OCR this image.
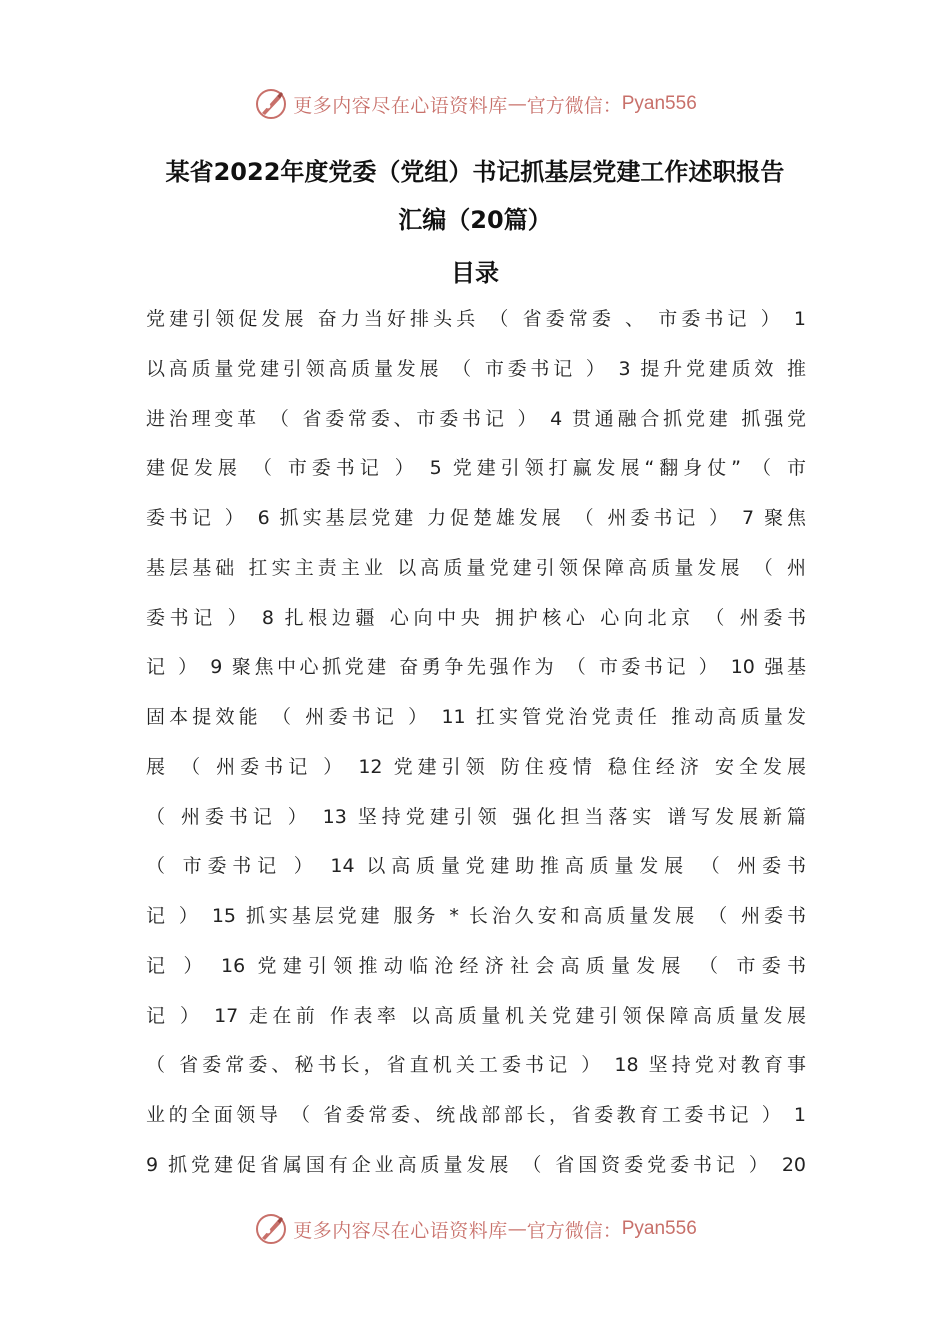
更多内容尽在心语资料库 — 官方微信： Pyan556
某省2022年度党委（党组）书记抓基层党建工作述职报告
汇编（20篇）
目录
党建引领促发展 奋力当好排头兵 （ 省委常委 、 市委书记 ） 1
以高质量党建引领高质量发展 （ 市委书记 ） 3 提升党建质效 推
进治理变革 （ 省委常委、市委书记 ） 4 贯通融合抓党建 抓强党
建促发展 （ 市委书记 ） 5 党建引领打赢发展“翻身仗” （ 市
委书记 ） 6 抓实基层党建 力促楚雄发展 （ 州委书记 ） 7 聚焦
基层基础 扛实主责主业 以高质量党建引领保障高质量发展 （ 州
委书记 ） 8 扎根边疆 心向中央 拥护核心 心向北京 （ 州委书
记 ） 9 聚焦中心抓党建 奋勇争先强作为 （ 市委书记 ） 10 强基
固本提效能 （ 州委书记 ） 11 扛实管党治党责任 推动高质量发
展 （ 州委书记 ） 12 党建引领 防住疫情 稳住经济 安全发展
（ 州委书记 ） 13 坚持党建引领 强化担当落实 谱写发展新篇
（ 市委书记 ） 14 以高质量党建助推高质量发展 （ 州委书
记 ） 15 抓实基层党建 服务 * 长治久安和高质量发展 （ 州委书
记 ） 16 党建引领推动临沧经济社会高质量发展 （ 市委书
记 ） 17 走在前 作表率 以高质量机关党建引领保障高质量发展
（ 省委常委、秘书长，省直机关工委书记 ） 18 坚持党对教育事
业的全面领导 （ 省委常委、统战部部长，省委教育工委书记 ） 1
9 抓党建促省属国有企业高质量发展 （ 省国资委党委书记 ） 20
更多内容尽在心语资料库 — 官方微信： Pyan556
